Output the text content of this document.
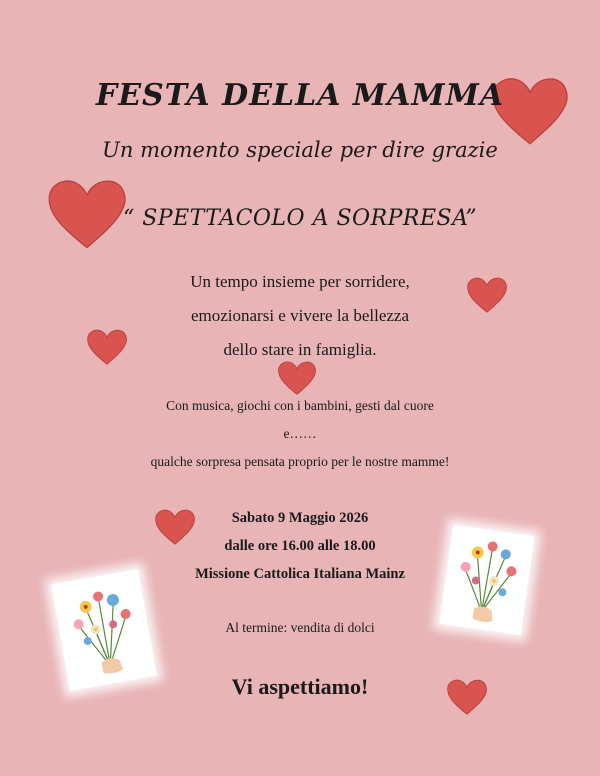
FESTA DELLA MAMMA
Un momento speciale per dire grazie
“ SPETTACOLO A SORPRESA”
Un tempo insieme per sorridere,
emozionarsi e vivere la bellezza
dello stare in famiglia.
Con musica, giochi con i bambini, gesti dal cuore
e……
qualche sorpresa pensata proprio per le nostre mamme!
Sabato 9 Maggio 2026
dalle ore 16.00 alle 18.00
Missione Cattolica Italiana Mainz
Al termine: vendita di dolci
Vi aspettiamo!
